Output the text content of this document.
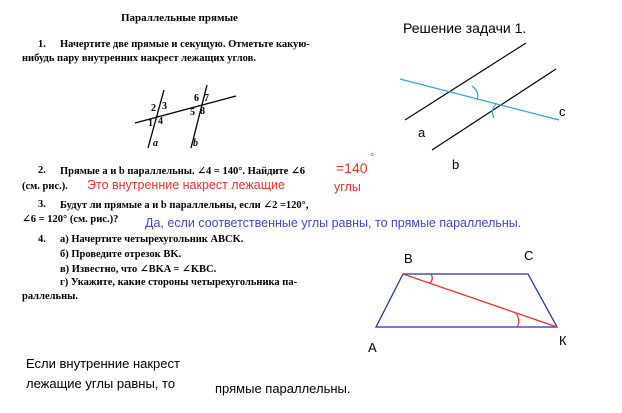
Параллельные прямые
1. Начертите две прямые и секущую. Отметьте какую-
нибудь пару внутренних накрест лежащих углов.
2 3
1 4
6 7
5 8
a	b
2. Прямые a и b параллельны. ∠4 = 140°. Найдите ∠6
(см. рис.).
3. Будут ли прямые a и b параллельны, если ∠2 =120°,
∠6 = 120° (см. рис.)?
4. а) Начертите четырехугольник ABCK.
б) Проведите отрезок BK.
в) Известно, что ∠BKA = ∠KBC.
г) Укажите, какие стороны четырехугольника па-
раллельны.
=140
°
Это внутренние накрест лежащие	углы
Да, если соответственные углы равны, то прямые параллельны.
Если внутренние накрест
лежащие углы равны, то	прямые параллельны.
Решение задачи 1.
a
b
c
A
B	C
К
